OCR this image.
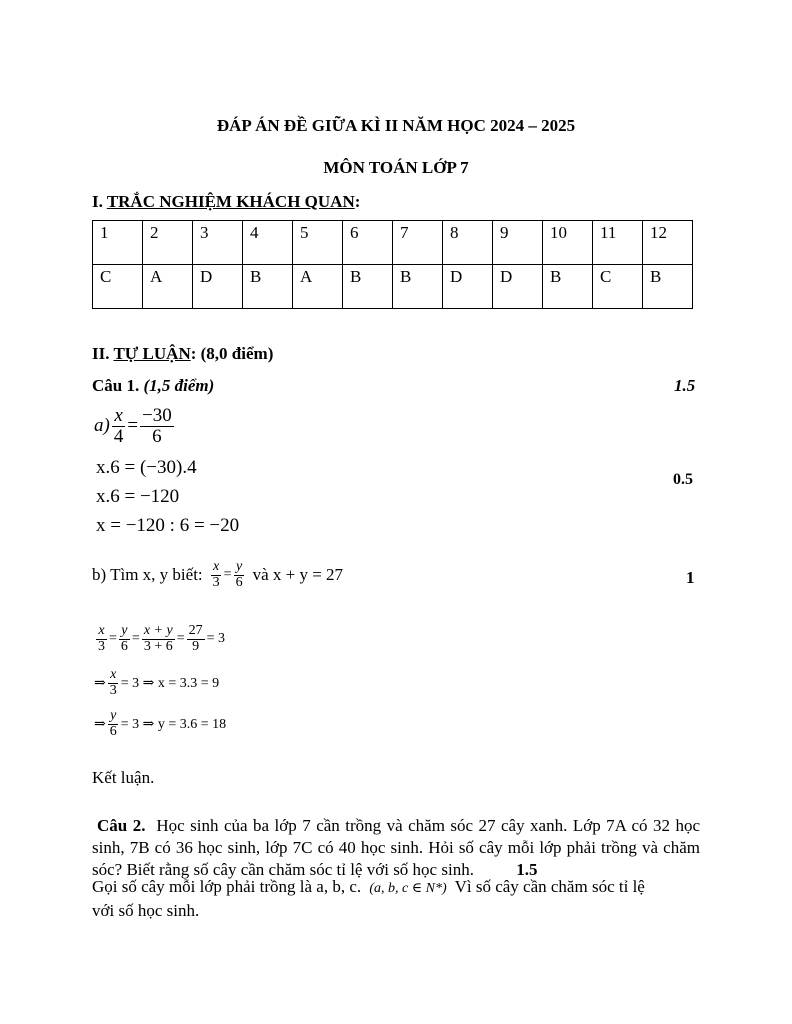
ĐÁP ÁN ĐỀ GIỮA KÌ II NĂM HỌC 2024 – 2025
MÔN TOÁN LỚP 7
I. TRẮC NGHIỆM KHÁCH QUAN:
1	2	3	4	5	6	7	8	9	10	11	12
C	A	D	B	A	B	B	D	D	B	C	B
II. TỰ LUẬN: (8,0 điểm)
Câu 1. (1,5 điểm)	1.5
$a) \frac{x}{4} = \frac{-30}{6}$
x.6 = (−30).4
x.6 = −120
x = −120 : 6 = −20
0.5
b) Tìm x, y biết: $\frac{x}{3} = \frac{y}{6}$ và x + y = 27	1
$\frac{x}{3} = \frac{y}{6} = \frac{x + y}{3 + 6} = \frac{27}{9} = 3$
⇒ $\frac{x}{3} = 3$ ⇒ x = 3.3 = 9
⇒ $\frac{y}{6} = 3$ ⇒ y = 3.6 = 18
Kết luận.
Câu 2. Học sinh của ba lớp 7 cần trồng và chăm sóc 27 cây xanh. Lớp 7A có 32 học sinh, 7B có 36 học sinh, lớp 7C có 40 học sinh. Hỏi số cây mỗi lớp phải trồng và chăm sóc? Biết rằng số cây cần chăm sóc tỉ lệ với số học sinh. 1.5
Gọi số cây mỗi lớp phải trồng là a, b, c. (a, b, c ∈ N*) Vì số cây cần chăm sóc tỉ lệ
với số học sinh.
